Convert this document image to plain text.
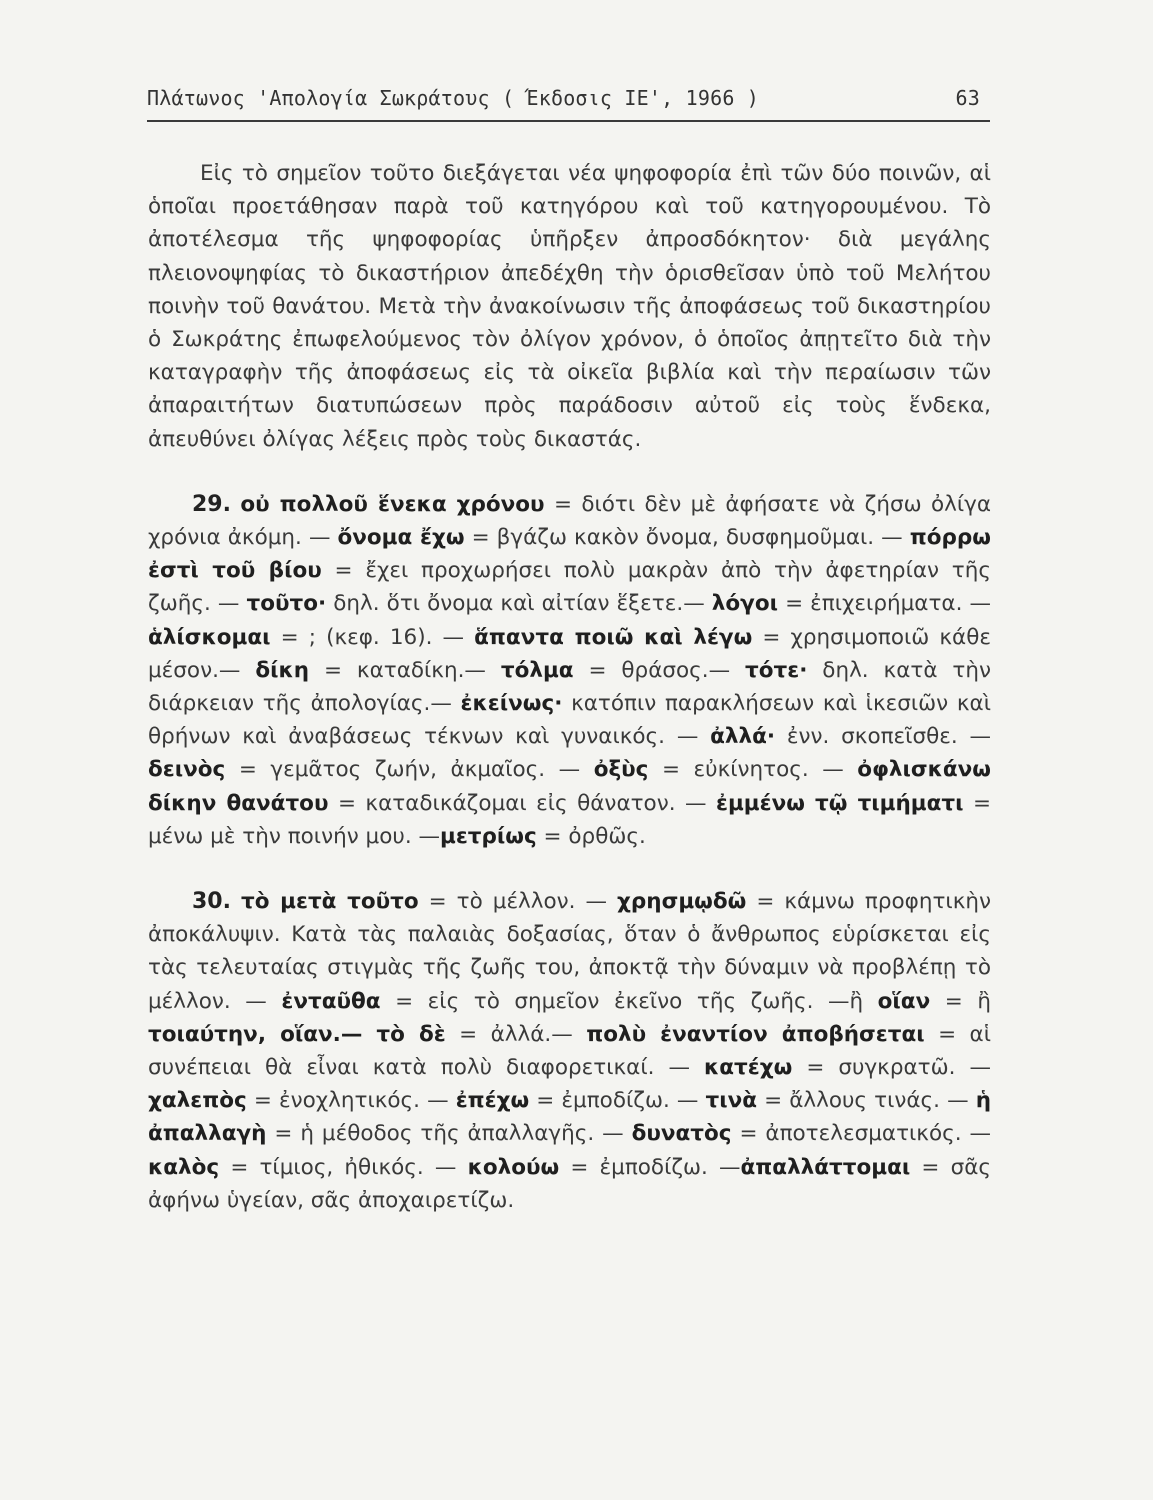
Πλάτωνος 'Απολογία Σωκράτους ( Έκδοσις ΙΕ', 1966 )	63

Εἰς τὸ σημεῖον τοῦτο διεξάγεται νέα ψηφοφορία ἐπὶ τῶν δύο ποινῶν, αἱ ὁποῖαι προετάθησαν παρὰ τοῦ κατηγόρου καὶ τοῦ κατηγορουμένου. Τὸ ἀποτέλεσμα τῆς ψηφοφορίας ὑπῆρξεν ἀπροσδόκητον· διὰ μεγάλης πλειονοψηφίας τὸ δικαστήριον ἀπεδέχθη τὴν ὁρισθεῖσαν ὑπὸ τοῦ Μελήτου ποινὴν τοῦ θανάτου. Μετὰ τὴν ἀνακοίνωσιν τῆς ἀποφάσεως τοῦ δικαστηρίου ὁ Σωκράτης ἐπωφελούμενος τὸν ὀλίγον χρόνον, ὁ ὁποῖος ἀπῃτεῖτο διὰ τὴν καταγραφὴν τῆς ἀποφάσεως εἰς τὰ οἰκεῖα βιβλία καὶ τὴν περαίωσιν τῶν ἀπαραιτήτων διατυπώσεων πρὸς παράδοσιν αὐτοῦ εἰς τοὺς ἕνδεκα, ἀπευθύνει ὀλίγας λέξεις πρὸς τοὺς δικαστάς.

29. οὐ πολλοῦ ἕνεκα χρόνου = διότι δὲν μὲ ἀφήσατε νὰ ζήσω ὀλίγα χρόνια ἀκόμη. — ὄνομα ἔχω = βγάζω κακὸν ὄνομα, δυσφημοῦμαι. — πόρρω ἐστὶ τοῦ βίου = ἔχει προχωρήσει πολὺ μακρὰν ἀπὸ τὴν ἀφετηρίαν τῆς ζωῆς. — τοῦτο· δηλ. ὅτι ὄνομα καὶ αἰτίαν ἕξετε.— λόγοι = ἐπιχειρήματα. — ἁλίσκομαι = ; (κεφ. 16). — ἅπαντα ποιῶ καὶ λέγω = χρησιμοποιῶ κάθε μέσον.— δίκη = καταδίκη.— τόλμα = θράσος.— τότε· δηλ. κατὰ τὴν διάρκειαν τῆς ἀπολογίας.— ἐκείνως· κατόπιν παρακλήσεων καὶ ἱκεσιῶν καὶ θρήνων καὶ ἀναβάσεως τέκνων καὶ γυναικός. — ἀλλά· ἐνν. σκοπεῖσθε. — δεινὸς = γεμᾶτος ζωήν, ἀκμαῖος. — ὀξὺς = εὐκίνητος. — ὀφλισκάνω δίκην θανάτου = καταδικάζομαι εἰς θάνατον. — ἐμμένω τῷ τιμήματι = μένω μὲ τὴν ποινήν μου. —μετρίως = ὀρθῶς.

30. τὸ μετὰ τοῦτο = τὸ μέλλον. — χρησμῳδῶ = κάμνω προφητικὴν ἀποκάλυψιν. Κατὰ τὰς παλαιὰς δοξασίας, ὅταν ὁ ἄνθρωπος εὑρίσκεται εἰς τὰς τελευταίας στιγμὰς τῆς ζωῆς του, ἀποκτᾷ τὴν δύναμιν νὰ προβλέπῃ τὸ μέλλον. — ἐνταῦθα = εἰς τὸ σημεῖον ἐκεῖνο τῆς ζωῆς. —ἢ οἵαν = ἢ τοιαύτην, οἵαν.— τὸ δὲ = ἀλλά.— πολὺ ἐναντίον ἀποβήσεται = αἱ συνέπειαι θὰ εἶναι κατὰ πολὺ διαφορετικαί. — κατέχω = συγκρατῶ. — χαλεπὸς = ἐνοχλητικός. — ἐπέχω = ἐμποδίζω. — τινὰ = ἄλλους τινάς. — ἡ ἀπαλλαγὴ = ἡ μέθοδος τῆς ἀπαλλαγῆς. — δυνατὸς = ἀποτελεσματικός. — καλὸς = τίμιος, ἠθικός. — κολούω = ἐμποδίζω. —ἀπαλλάττομαι = σᾶς ἀφήνω ὑγείαν, σᾶς ἀποχαιρετίζω.
